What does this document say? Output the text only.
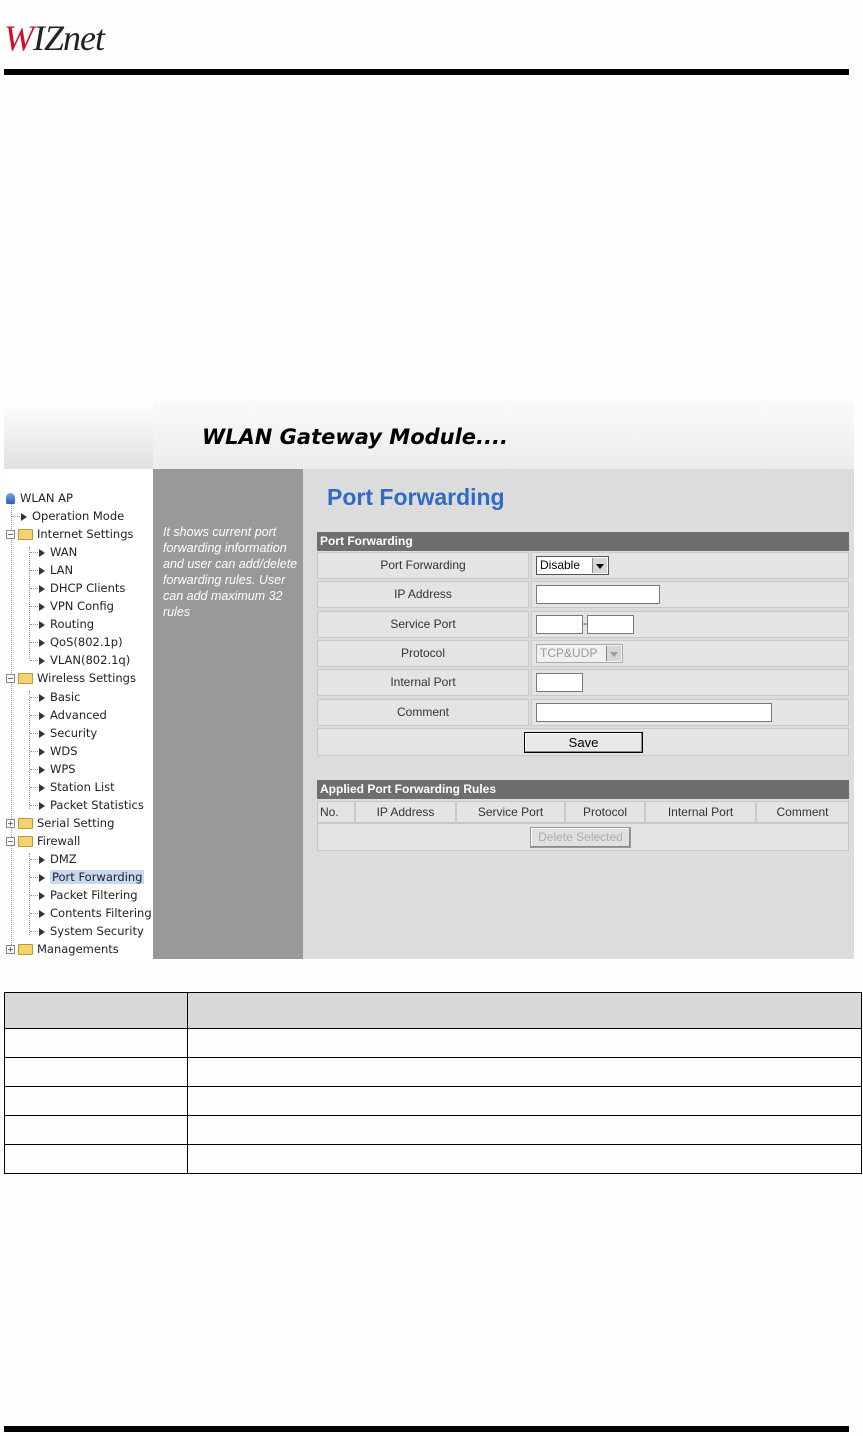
WIZnet
WLAN Gateway Module....
WLAN AP
Operation Mode
− Internet Settings
WAN
LAN
DHCP Clients
VPN Config
Routing
QoS(802.1p)
VLAN(802.1q)
− Wireless Settings
Basic
Advanced
Security
WDS
WPS
Station List
Packet Statistics
+ Serial Setting
− Firewall
DMZ
Port Forwarding
Packet Filtering
Contents Filtering
System Security
+ Managements
It shows current port forwarding information and user can add/delete forwarding rules. User can add maximum 32 rules
Port Forwarding
Port Forwarding
Port Forwarding	Disable
IP Address
Service Port	-
Protocol	TCP&UDP
Internal Port
Comment
Save
Applied Port Forwarding Rules
No.	IP Address	Service Port	Protocol	Internal Port	Comment
Delete Selected
